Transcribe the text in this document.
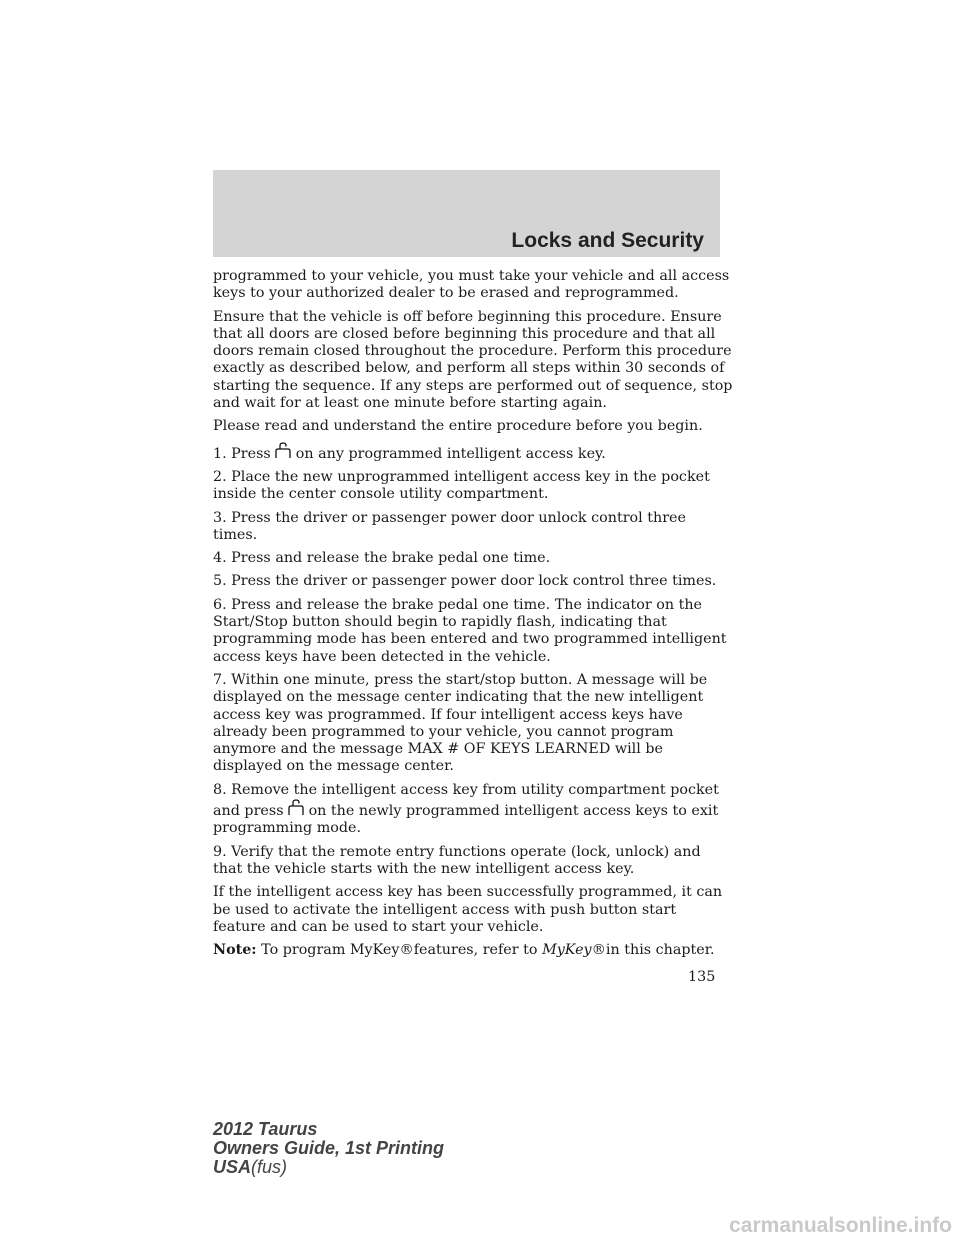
Locks and Security

programmed to your vehicle, you must take your vehicle and all access keys to your authorized dealer to be erased and reprogrammed.

Ensure that the vehicle is off before beginning this procedure. Ensure that all doors are closed before beginning this procedure and that all doors remain closed throughout the procedure. Perform this procedure exactly as described below, and perform all steps within 30 seconds of starting the sequence. If any steps are performed out of sequence, stop and wait for at least one minute before starting again.

Please read and understand the entire procedure before you begin.

1. Press on any programmed intelligent access key.

2. Place the new unprogrammed intelligent access key in the pocket inside the center console utility compartment.

3. Press the driver or passenger power door unlock control three times.

4. Press and release the brake pedal one time.

5. Press the driver or passenger power door lock control three times.

6. Press and release the brake pedal one time. The indicator on the Start/Stop button should begin to rapidly flash, indicating that programming mode has been entered and two programmed intelligent access keys have been detected in the vehicle.

7. Within one minute, press the start/stop button. A message will be displayed on the message center indicating that the new intelligent access key was programmed. If four intelligent access keys have already been programmed to your vehicle, you cannot program anymore and the message MAX # OF KEYS LEARNED will be displayed on the message center.

8. Remove the intelligent access key from utility compartment pocket and press on the newly programmed intelligent access keys to exit programming mode.

9. Verify that the remote entry functions operate (lock, unlock) and that the vehicle starts with the new intelligent access key.

If the intelligent access key has been successfully programmed, it can be used to activate the intelligent access with push button start feature and can be used to start your vehicle.

Note: To program MyKey®features, refer to MyKey®in this chapter.

135
2012 Taurus
Owners Guide, 1st Printing
USA(fus)
carmanualsonline.info
